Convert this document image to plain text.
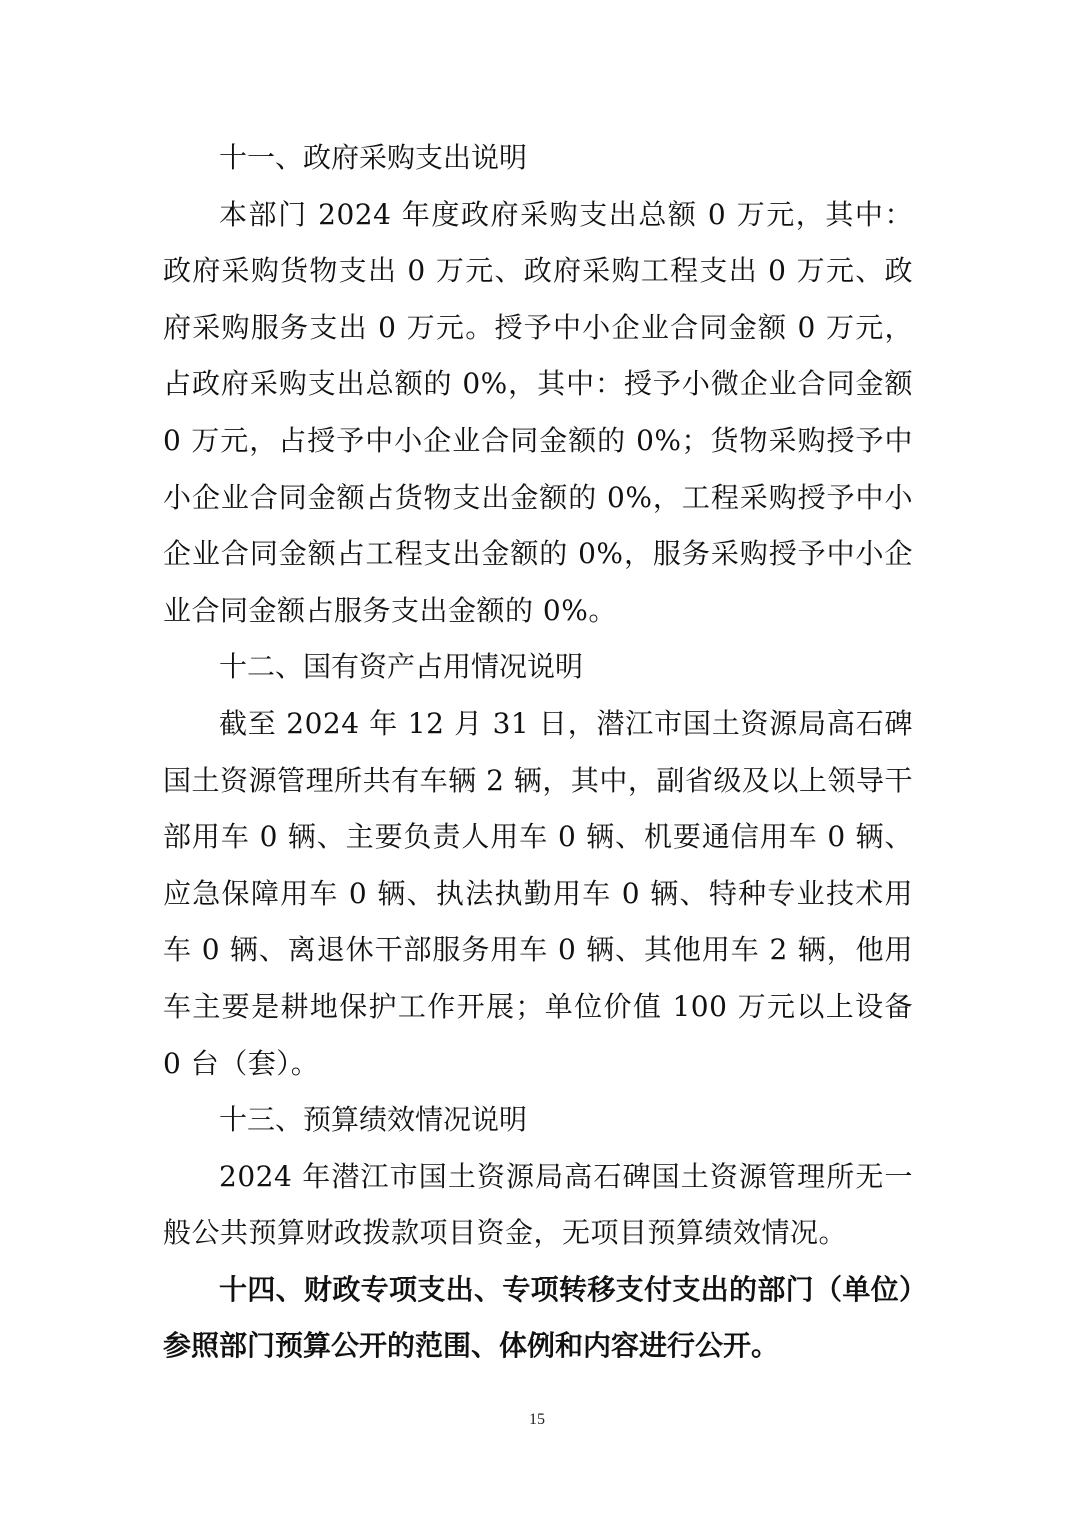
十一、政府采购支出说明

本部门 2024 年度政府采购支出总额 0 万元，其中：政府采购货物支出 0 万元、政府采购工程支出 0 万元、政府采购服务支出 0 万元。授予中小企业合同金额 0 万元，占政府采购支出总额的 0%，其中：授予小微企业合同金额 0 万元，占授予中小企业合同金额的 0%；货物采购授予中小企业合同金额占货物支出金额的 0%，工程采购授予中小企业合同金额占工程支出金额的 0%，服务采购授予中小企业合同金额占服务支出金额的 0%。

十二、国有资产占用情况说明

截至 2024 年 12 月 31 日，潜江市国土资源局高石碑国土资源管理所共有车辆 2 辆，其中，副省级及以上领导干部用车 0 辆、主要负责人用车 0 辆、机要通信用车 0 辆、应急保障用车 0 辆、执法执勤用车 0 辆、特种专业技术用车 0 辆、离退休干部服务用车 0 辆、其他用车 2 辆，他用车主要是耕地保护工作开展；单位价值 100 万元以上设备 0 台（套）。

十三、预算绩效情况说明

2024 年潜江市国土资源局高石碑国土资源管理所无一般公共预算财政拨款项目资金，无项目预算绩效情况。

十四、财政专项支出、专项转移支付支出的部门（单位）参照部门预算公开的范围、体例和内容进行公开。
15
